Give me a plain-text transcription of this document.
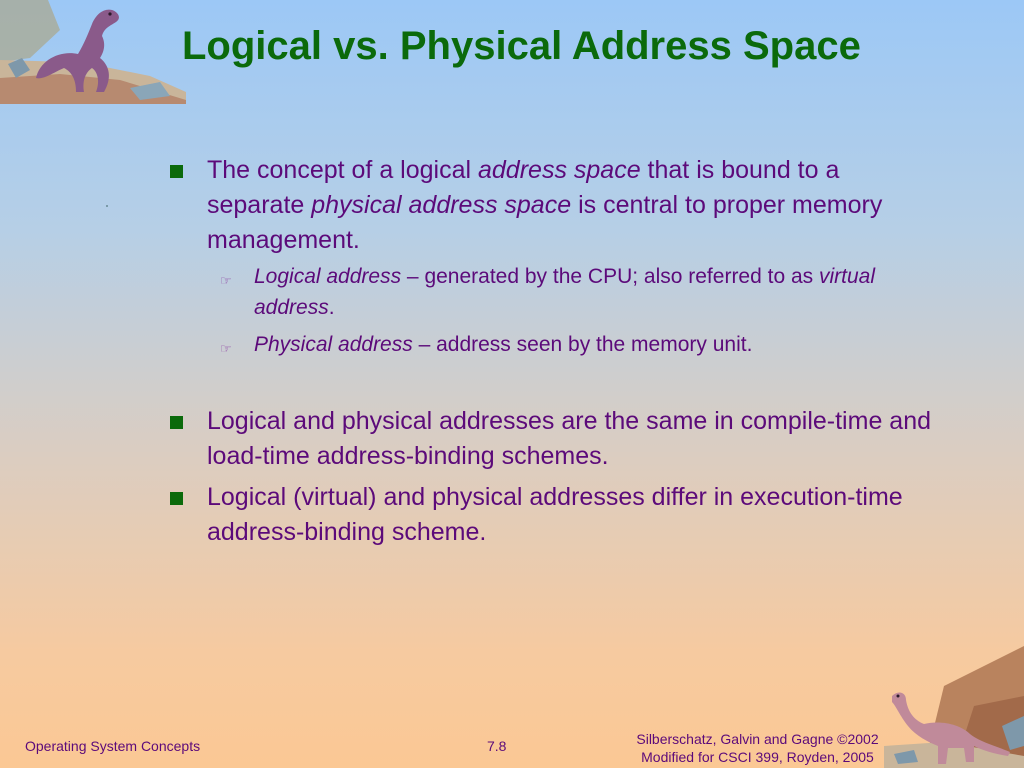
Logical vs. Physical Address Space
The concept of a logical address space that is bound to a separate physical address space is central to proper memory management.
☞	Logical address – generated by the CPU; also referred to as virtual address.
☞	Physical address – address seen by the memory unit.
Logical and physical addresses are the same in compile-time and load-time address-binding schemes.
Logical (virtual) and physical addresses differ in execution-time address-binding scheme.
Operating System Concepts	7.8	Silberschatz, Galvin and Gagne ©2002
Modified for CSCI 399, Royden, 2005
